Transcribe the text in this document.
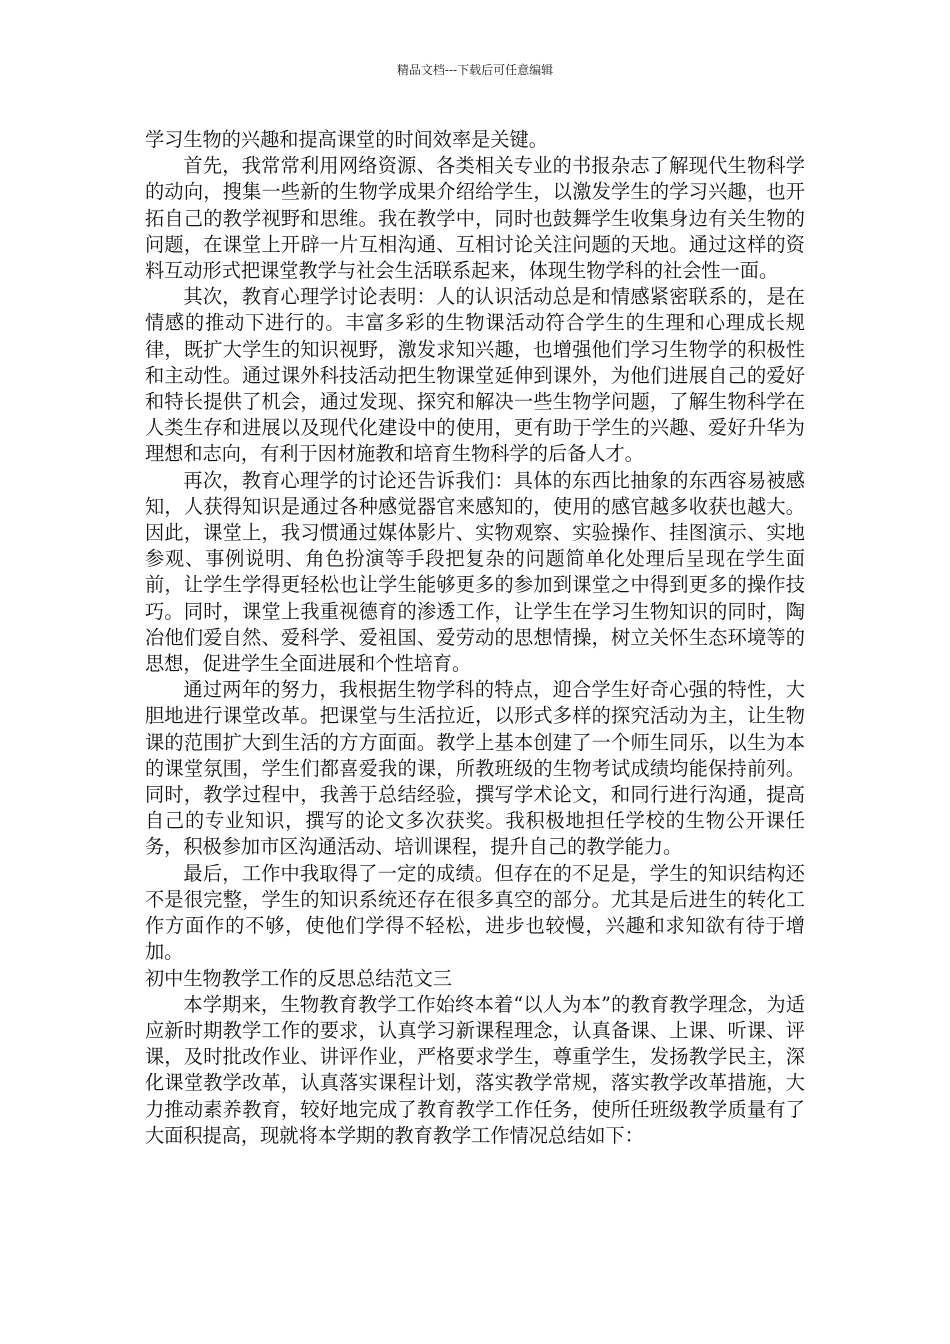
精品文档---下载后可任意编辑

学习生物的兴趣和提高课堂的时间效率是关键。

首先，我常常利用网络资源、各类相关专业的书报杂志了解现代生物科学的动向，搜集一些新的生物学成果介绍给学生，以激发学生的学习兴趣，也开拓自己的教学视野和思维。我在教学中，同时也鼓舞学生收集身边有关生物的问题，在课堂上开辟一片互相沟通、互相讨论关注问题的天地。通过这样的资料互动形式把课堂教学与社会生活联系起来，体现生物学科的社会性一面。

其次，教育心理学讨论表明：人的认识活动总是和情感紧密联系的，是在情感的推动下进行的。丰富多彩的生物课活动符合学生的生理和心理成长规律，既扩大学生的知识视野，激发求知兴趣，也增强他们学习生物学的积极性和主动性。通过课外科技活动把生物课堂延伸到课外，为他们进展自己的爱好和特长提供了机会，通过发现、探究和解决一些生物学问题，了解生物科学在人类生存和进展以及现代化建设中的使用，更有助于学生的兴趣、爱好升华为理想和志向，有利于因材施教和培育生物科学的后备人才。

再次，教育心理学的讨论还告诉我们：具体的东西比抽象的东西容易被感知，人获得知识是通过各种感觉器官来感知的，使用的感官越多收获也越大。因此，课堂上，我习惯通过媒体影片、实物观察、实验操作、挂图演示、实地参观、事例说明、角色扮演等手段把复杂的问题简单化处理后呈现在学生面前，让学生学得更轻松也让学生能够更多的参加到课堂之中得到更多的操作技巧。同时，课堂上我重视德育的渗透工作，让学生在学习生物知识的同时，陶冶他们爱自然、爱科学、爱祖国、爱劳动的思想情操，树立关怀生态环境等的思想，促进学生全面进展和个性培育。

通过两年的努力，我根据生物学科的特点，迎合学生好奇心强的特性，大胆地进行课堂改革。把课堂与生活拉近，以形式多样的探究活动为主，让生物课的范围扩大到生活的方方面面。教学上基本创建了一个师生同乐，以生为本的课堂氛围，学生们都喜爱我的课，所教班级的生物考试成绩均能保持前列。同时，教学过程中，我善于总结经验，撰写学术论文，和同行进行沟通，提高自己的专业知识，撰写的论文多次获奖。我积极地担任学校的生物公开课任务，积极参加市区沟通活动、培训课程，提升自己的教学能力。

最后，工作中我取得了一定的成绩。但存在的不足是，学生的知识结构还不是很完整，学生的知识系统还存在很多真空的部分。尤其是后进生的转化工作方面作的不够，使他们学得不轻松，进步也较慢，兴趣和求知欲有待于增加。

初中生物教学工作的反思总结范文三

本学期来，生物教育教学工作始终本着“以人为本”的教育教学理念，为适应新时期教学工作的要求，认真学习新课程理念，认真备课、上课、听课、评课，及时批改作业、讲评作业，严格要求学生，尊重学生，发扬教学民主，深化课堂教学改革，认真落实课程计划，落实教学常规，落实教学改革措施，大力推动素养教育，较好地完成了教育教学工作任务，使所任班级教学质量有了大面积提高，现就将本学期的教育教学工作情况总结如下：
